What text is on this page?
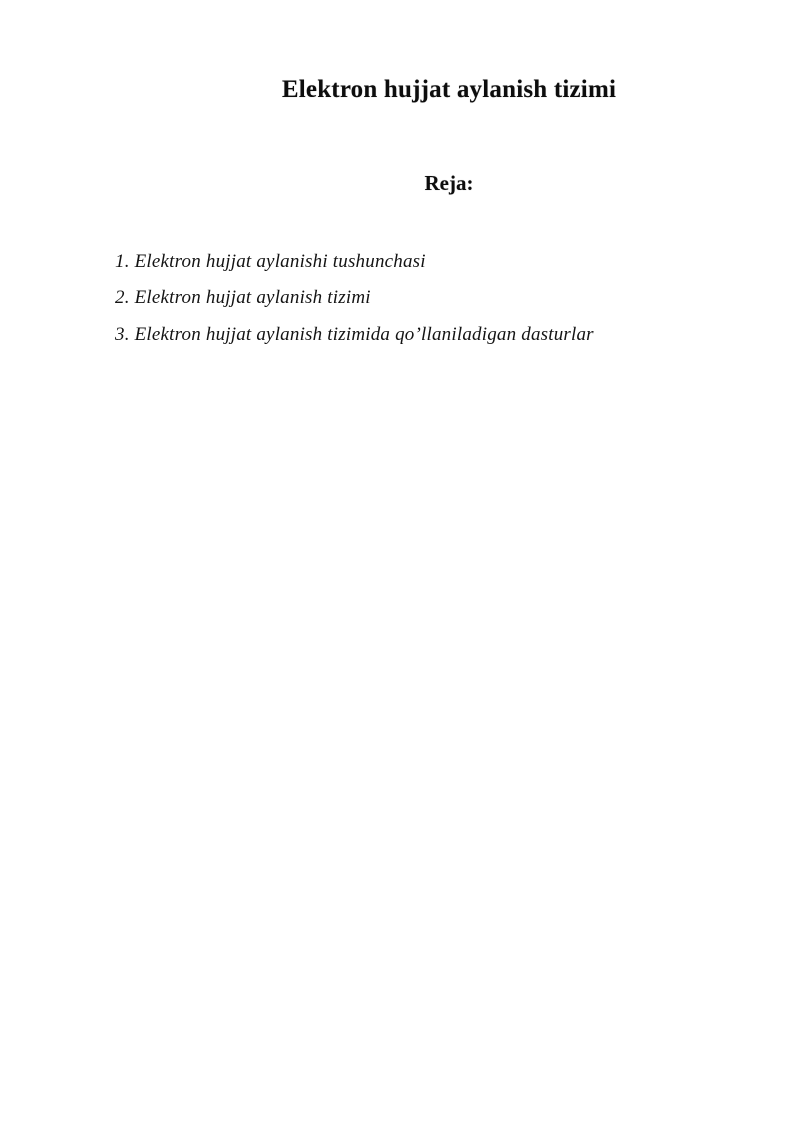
Elektron hujjat aylanish tizimi
Reja:
1. Elektron hujjat aylanishi tushunchasi
2. Elektron hujjat aylanish tizimi
3. Elektron hujjat aylanish tizimida qo’llaniladigan dasturlar
